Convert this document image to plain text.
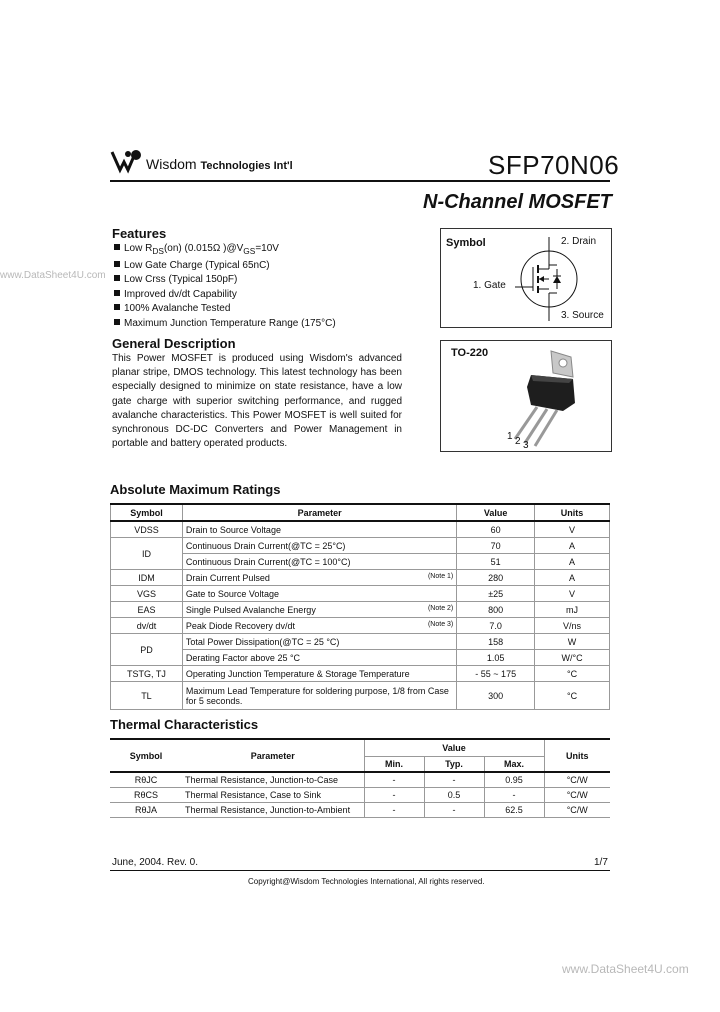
www.DataSheet4U.com
www.DataSheet4U.com
Wisdom Technologies Int'l	SFP70N06
N-Channel MOSFET
Features
Low $R_{DS}(on)$ (0.015Ω )$@V_{GS}=10V$
Low Gate Charge (Typical 65nC)
Low Crss (Typical 150pF)
Improved dv/dt Capability
100% Avalanche Tested
Maximum Junction Temperature Range (175°C)
General Description
This Power MOSFET is produced using Wisdom's advanced planar stripe, DMOS technology. This latest technology has been especially designed to minimize on state resistance, have a low gate charge with superior switching performance, and rugged avalanche characteristics. This Power MOSFET is well suited for synchronous DC-DC Converters and Power Management in portable and battery operated products.
Symbol	2. Drain
1. Gate
3. Source
TO-220
1 2 3
Absolute Maximum Ratings
Symbol	Parameter	Value	Units
VDSS	Drain to Source Voltage	60	V
ID	Continuous Drain Current(@TC = 25°C)	70	A
	Continuous Drain Current(@TC = 100°C)	51	A
IDM	Drain Current Pulsed (Note 1)	280	A
VGS	Gate to Source Voltage	±25	V
EAS	Single Pulsed Avalanche Energy (Note 2)	800	mJ
dv/dt	Peak Diode Recovery dv/dt (Note 3)	7.0	V/ns
PD	Total Power Dissipation(@TC = 25 °C)	158	W
	Derating Factor above 25 °C	1.05	W/°C
TSTG, TJ	Operating Junction Temperature & Storage Temperature	- 55 ~ 175	°C
TL	Maximum Lead Temperature for soldering purpose, 1/8 from Case for 5 seconds.	300	°C
Thermal Characteristics
Symbol	Parameter	Value			Units
		Min.	Typ.	Max.	
RθJC	Thermal Resistance, Junction-to-Case	-	-	0.95	°C/W
RθCS	Thermal Resistance, Case to Sink	-	0.5	-	°C/W
RθJA	Thermal Resistance, Junction-to-Ambient	-	-	62.5	°C/W
June, 2004. Rev. 0.	1/7
Copyright@Wisdom Technologies International, All rights reserved.
